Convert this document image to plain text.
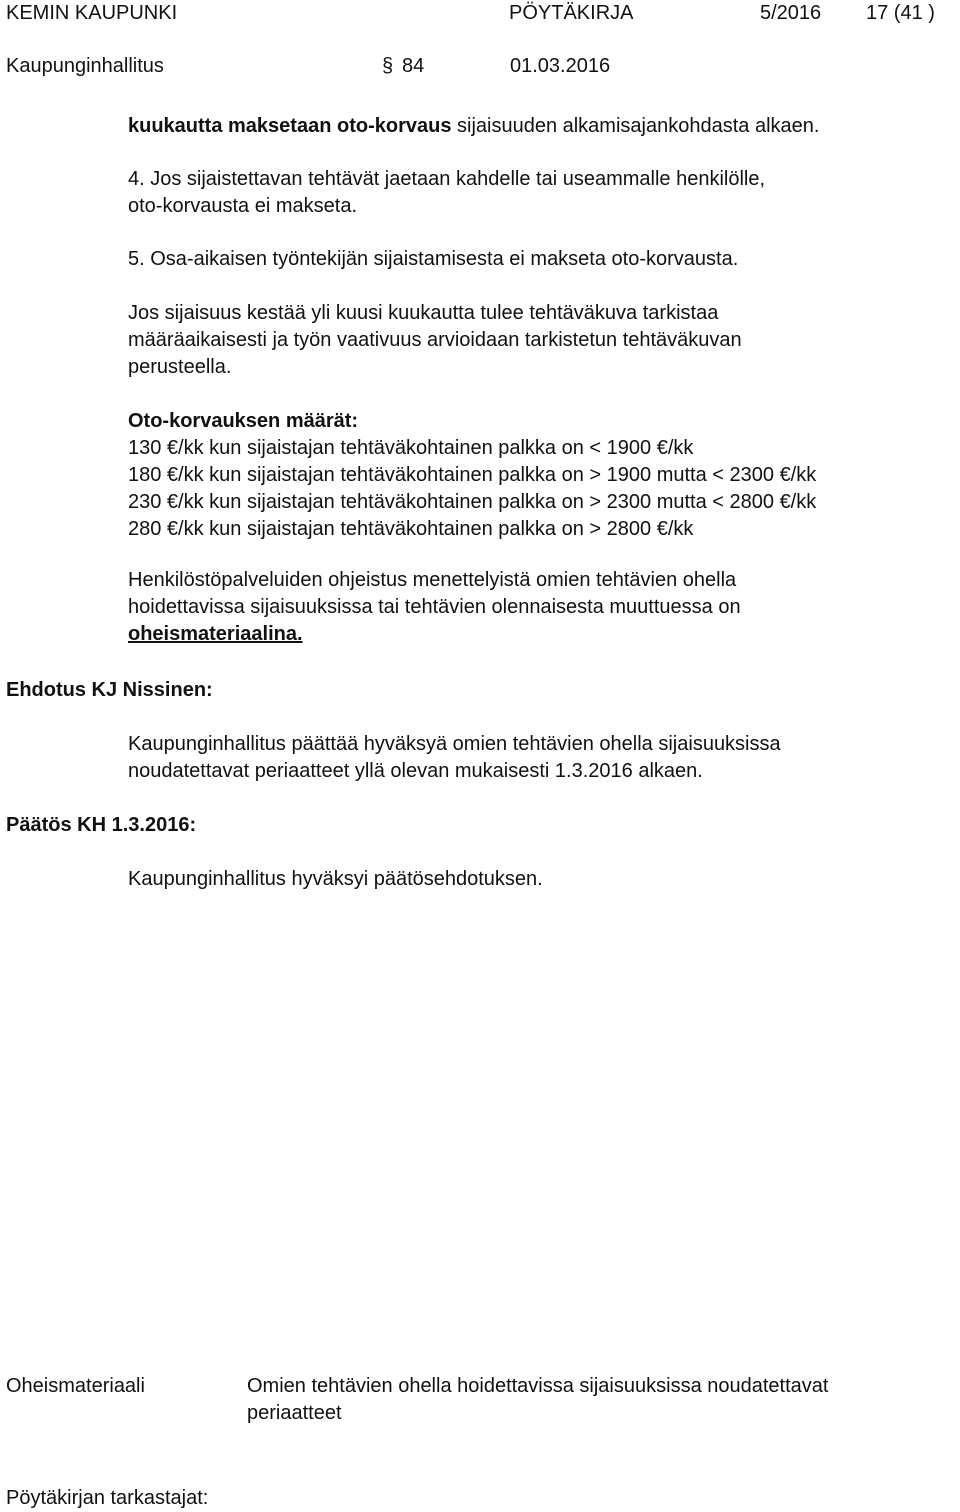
KEMIN KAUPUNKI	PÖYTÄKIRJA	5/2016 17 (41 )
Kaupunginhallitus	§ 84	01.03.2016

kuukautta maksetaan oto-korvaus sijaisuuden alkamisajankohdasta alkaen.

4. Jos sijaistettavan tehtävät jaetaan kahdelle tai useammalle henkilölle,

oto-korvausta ei makseta.

5. Osa-aikaisen työntekijän sijaistamisesta ei makseta oto-korvausta.

Jos sijaisuus kestää yli kuusi kuukautta tulee tehtäväkuva tarkistaa

määräaikaisesti ja työn vaativuus arvioidaan tarkistetun tehtäväkuvan

perusteella.

Oto-korvauksen määrät:

130 €/kk kun sijaistajan tehtäväkohtainen palkka on < 1900 €/kk

180 €/kk kun sijaistajan tehtäväkohtainen palkka on > 1900 mutta < 2300 €/kk

230 €/kk kun sijaistajan tehtäväkohtainen palkka on > 2300 mutta < 2800 €/kk

280 €/kk kun sijaistajan tehtäväkohtainen palkka on > 2800 €/kk

Henkilöstöpalveluiden ohjeistus menettelyistä omien tehtävien ohella

hoidettavissa sijaisuuksissa tai tehtävien olennaisesta muuttuessa on

oheismateriaalina.

Ehdotus KJ Nissinen:

Kaupunginhallitus päättää hyväksyä omien tehtävien ohella sijaisuuksissa

noudatettavat periaatteet yllä olevan mukaisesti 1.3.2016 alkaen.

Päätös KH 1.3.2016:

Kaupunginhallitus hyväksyi päätösehdotuksen.

Oheismateriaali	Omien tehtävien ohella hoidettavissa sijaisuuksissa noudatettavat
periaatteet
Pöytäkirjan tarkastajat:
